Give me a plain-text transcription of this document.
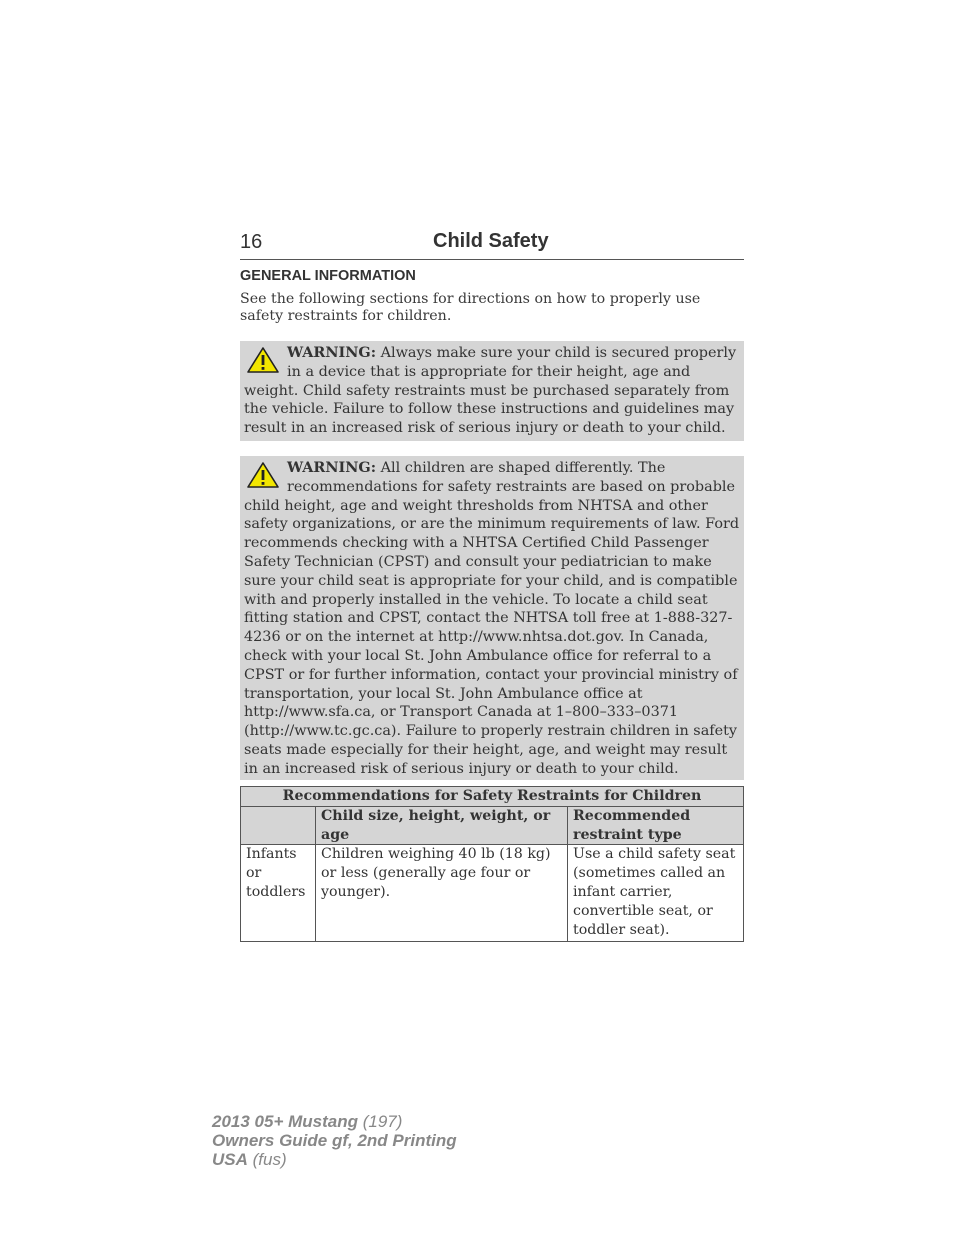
16	Child Safety
GENERAL INFORMATION
See the following sections for directions on how to properly use safety restraints for children.
WARNING: Always make sure your child is secured properly in a device that is appropriate for their height, age and weight. Child safety restraints must be purchased separately from the vehicle. Failure to follow these instructions and guidelines may result in an increased risk of serious injury or death to your child.
WARNING: All children are shaped differently. The recommendations for safety restraints are based on probable child height, age and weight thresholds from NHTSA and other safety organizations, or are the minimum requirements of law. Ford recommends checking with a NHTSA Certified Child Passenger Safety Technician (CPST) and consult your pediatrician to make sure your child seat is appropriate for your child, and is compatible with and properly installed in the vehicle. To locate a child seat fitting station and CPST, contact the NHTSA toll free at 1-888-327-4236 or on the internet at http://www.nhtsa.dot.gov. In Canada, check with your local St. John Ambulance office for referral to a CPST or for further information, contact your provincial ministry of transportation, your local St. John Ambulance office at http://www.sfa.ca, or Transport Canada at 1–800–333–0371 (http://www.tc.gc.ca). Failure to properly restrain children in safety seats made especially for their height, age, and weight may result in an increased risk of serious injury or death to your child.
Recommendations for Safety Restraints for Children		
	Child size, height, weight, or age	Recommended restraint type
Infants or toddlers	Children weighing 40 lb (18 kg) or less (generally age four or younger).	Use a child safety seat (sometimes called an infant carrier, convertible seat, or toddler seat).
2013 05+ Mustang (197)
Owners Guide gf, 2nd Printing
USA (fus)
